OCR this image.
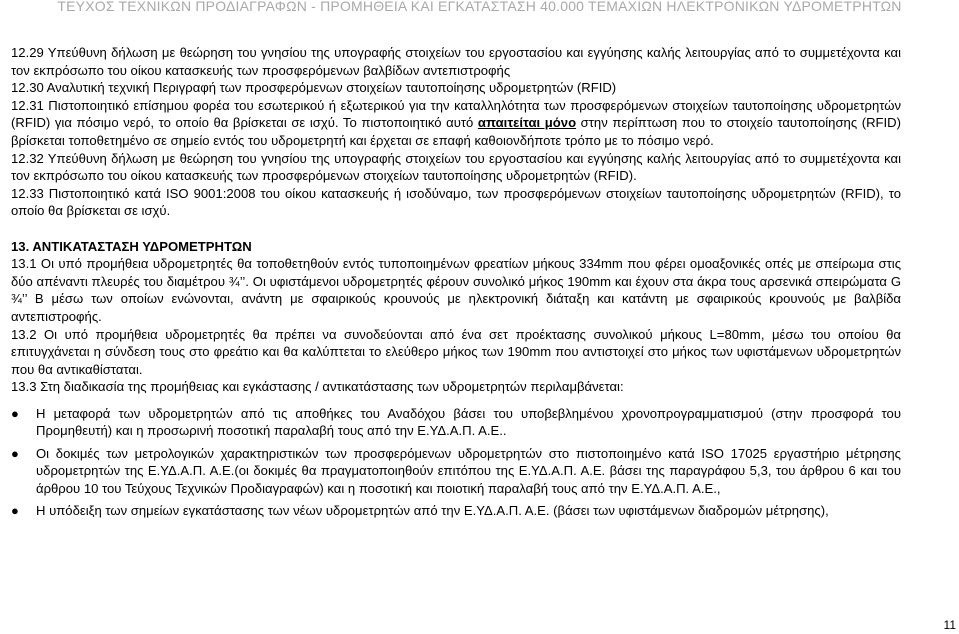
ΤΕΥΧΟΣ ΤΕΧΝΙΚΩΝ ΠΡΟΔΙΑΓΡΑΦΩΝ - ΠΡΟΜΗΘΕΙΑ ΚΑΙ ΕΓΚΑΤΑΣΤΑΣΗ 40.000 ΤΕΜΑΧΙΩΝ ΗΛΕΚΤΡΟΝΙΚΩΝ ΥΔΡΟΜΕΤΡΗΤΩΝ

12.29 Υπεύθυνη δήλωση με θεώρηση του γνησίου της υπογραφής στοιχείων του εργοστασίου και εγγύησης καλής λειτουργίας από το συμμετέχοντα και τον εκπρόσωπο του οίκου κατασκευής των προσφερόμενων βαλβίδων αντεπιστροφής

12.30 Αναλυτική τεχνική Περιγραφή των προσφερόμενων στοιχείων ταυτοποίησης υδρομετρητών (RFID)

12.31 Πιστοποιητικό επίσημου φορέα του εσωτερικού ή εξωτερικού για την καταλληλότητα των προσφερόμενων στοιχείων ταυτοποίησης υδρομετρητών (RFID) για πόσιμο νερό, το οποίο θα βρίσκεται σε ισχύ. Το πιστοποιητικό αυτό απαιτείται μόνο στην περίπτωση που το στοιχείο ταυτοποίησης (RFID) βρίσκεται τοποθετημένο σε σημείο εντός του υδρομετρητή και έρχεται σε επαφή καθοιονδήποτε τρόπο με το πόσιμο νερό.

12.32 Υπεύθυνη δήλωση με θεώρηση του γνησίου της υπογραφής στοιχείων του εργοστασίου και εγγύησης καλής λειτουργίας από το συμμετέχοντα και τον εκπρόσωπο του οίκου κατασκευής των προσφερόμενων στοιχείων ταυτοποίησης υδρομετρητών (RFID).

12.33 Πιστοποιητικό κατά ISO 9001:2008 του οίκου κατασκευής ή ισοδύναμο, των προσφερόμενων στοιχείων ταυτοποίησης υδρομετρητών (RFID), το οποίο θα βρίσκεται σε ισχύ.

13. ΑΝΤΙΚΑΤΑΣΤΑΣΗ ΥΔΡΟΜΕΤΡΗΤΩΝ

13.1 Οι υπό προμήθεια υδρομετρητές θα τοποθετηθούν εντός τυποποιημένων φρεατίων μήκους 334mm που φέρει ομοαξονικές οπές με σπείρωμα στις δύο απέναντι πλευρές του διαμέτρου ¾’’. Οι υφιστάμενοι υδρομετρητές φέρουν συνολικό μήκος 190mm και έχουν στα άκρα τους αρσενικά σπειρώματα G ¾’’ B μέσω των οποίων ενώνονται, ανάντη με σφαιρικούς κρουνούς με ηλεκτρονική διάταξη και κατάντη με σφαιρικούς κρουνούς με βαλβίδα αντεπιστροφής.

13.2 Οι υπό προμήθεια υδρομετρητές θα πρέπει να συνοδεύονται από ένα σετ προέκτασης συνολικού μήκους L=80mm, μέσω του οποίου θα επιτυγχάνεται η σύνδεση τους στο φρεάτιο και θα καλύπτεται το ελεύθερο μήκος των 190mm που αντιστοιχεί στο μήκος των υφιστάμενων υδρομετρητών που θα αντικαθίσταται.

13.3 Στη διαδικασία της προμήθειας και εγκάστασης / αντικατάστασης των υδρομετρητών περιλαμβάνεται:

● Η μεταφορά των υδρομετρητών από τις αποθήκες του Αναδόχου βάσει του υποβεβλημένου χρονοπρογραμματισμού (στην προσφορά του Προμηθευτή) και η προσωρινή ποσοτική παραλαβή τους από την Ε.ΥΔ.Α.Π. Α.Ε..
● Οι δοκιμές των μετρολογικών χαρακτηριστικών των προσφερόμενων υδρομετρητών στο πιστοποιημένο κατά ISO 17025 εργαστήριο μέτρησης υδρομετρητών της Ε.ΥΔ.Α.Π. Α.Ε.(οι δοκιμές θα πραγματοποιηθούν επιτόπου της Ε.ΥΔ.Α.Π. Α.Ε. βάσει της παραγράφου 5,3, του άρθρου 6 και του άρθρου 10 του Τεύχους Τεχνικών Προδιαγραφών) και η ποσοτική και ποιοτική παραλαβή τους από την Ε.ΥΔ.Α.Π. Α.Ε.,
● Η υπόδειξη των σημείων εγκατάστασης των νέων υδρομετρητών από την Ε.ΥΔ.Α.Π. Α.Ε. (βάσει των υφιστάμενων διαδρομών μέτρησης),
11
